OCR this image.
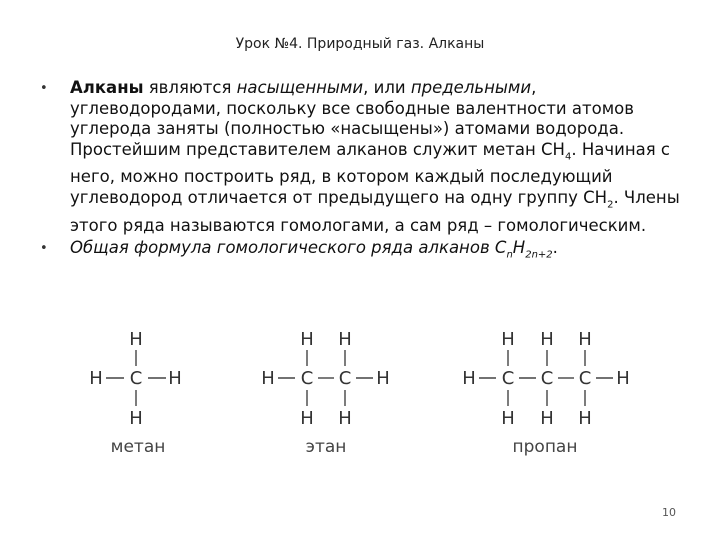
Урок №4. Природный газ. Алканы
•	Алканы являются насыщенными, или предельными, углеводородами, поскольку все свободные валентности атомов углерода заняты (полностью «насыщены») атомами водорода. Простейшим представителем алканов служит метан $CH_4$. Начиная с него, можно построить ряд, в котором каждый последующий углеводород отличается от предыдущего на одну группу $CH_2$. Члены этого ряда называются гомологами, а сам ряд – гомологическим.
•	Общая формула гомологического ряда алканов $C_nH_{2n+2}$.
H
H C H
H
метан
H H
H C C H
H H
этан
H H H
H C C C H
H H H
пропан
10
